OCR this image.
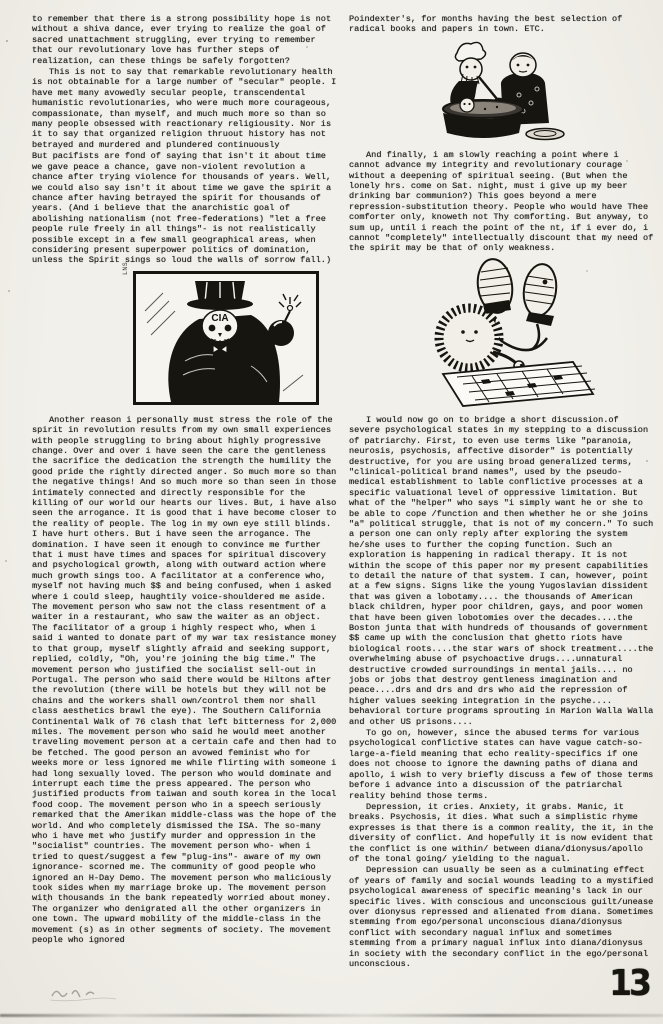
to remember that there is a strong possibility hope is not without a shiva dance, ever trying to realize the goal of sacred unattachment struggling, ever trying to remember that our revolutionary love has further steps of realization, can these things be safely forgotten?

This is not to say that remarkable revolutionary health is not obtainable for a large number of "secular" people. I have met many avowedly secular people, transcendental humanistic revolutionaries, who were much more courageous, compassionate, than myself, and much much more so than so many people obsessed with reactionary religiousity. Nor is it to say that organized religion thruout history has not betrayed and murdered and plundered continuously

But pacifists are fond of saying that isn't it about time we gave peace a chance, gave non-violent revolution a chance after trying violence for thousands of years. Well, we could also say isn't it about time we gave the spirit a chance after having betrayed the spirit for thousands of years. (And i believe that the anarchistic goal of abolishing nationalism (not free-federations) "let a free people rule freely in all things"- is not realistically possible except in a few small geographical areas, when considering present superpower politics of domination, unless the Spirit sings so loud the walls of sorrow fall.)

LNS
CIA

Another reason i personally must stress the role of the spirit in revolution results from my own small experiences with people struggling to bring about highly progressive change. Over and over i have seen the care the gentleness the sacrifice the dedication the strength the humility the good pride the rightly directed anger. So much more so than the negative things! And so much more so than seen in those intimately connected and directly responsible for the killing of our world our hearts our lives. But, i have also seen the arrogance. It is good that i have become closer to the reality of people. The log in my own eye still blinds. I have hurt others. But i have seen the arrogance. The domination. I have seen it enough to convince me further that i must have times and spaces for spiritual discovery and psychological growth, along with outward action where much growth sings too. A facilitator at a conference who, myself not having much $$ and being confused, when i asked where i could sleep, haughtily voice-shouldered me aside. The movement person who saw not the class resentment of a waiter in a restaurant, who saw the waiter as an object. The facilitator of a group i highly respect who, when i said i wanted to donate part of my war tax resistance money to that group, myself slightly afraid and seeking support, replied, coldly, "Oh, you're joining the big time." The movement person who justified the socialist sell-out in Portugal. The person who said there would be Hiltons after the revolution (there will be hotels but they will not be chains and the workers shall own/control them nor shall class aesthetics brawl the eye). The Southern California Continental Walk of 76 clash that left bitterness for 2,000 miles. The movement person who said he would meet another traveling movement person at a certain cafe and then had to be fetched. The good person an avowed feminist who for weeks more or less ignored me while flirting with someone i had long sexually loved. The person who would dominate and interrupt each time the press appeared. The person who justified products from taiwan and south korea in the local food coop. The movement person who in a speech seriously remarked that the Amerikan middle-class was the hope of the world. And who completely dismissed the ISA. The so-many who i have met who justify murder and oppression in the "socialist" countries. The movement person who- when i tried to quest/suggest a few "plug-ins"- aware of my own ignorance- scorned me. The community of good people who ignored an H-Day Demo. The movement person who maliciously took sides when my marriage broke up. The movement person with thousands in the bank repeatedly worried about money. The organizer who denigrated all the other organizers in one town. The upward mobility of the middle-class in the movement (s) as in other segments of society. The movement people who ignored

Poindexter's, for months having the best selection of radical books and papers in town. ETC.

And finally, i am slowly reaching a point where i cannot advance my integrity and revolutionary courage without a deepening of spiritual seeing. (But when the lonely hrs. come on Sat. night, must i give up my beer drinking bar communion?) This goes beyond a mere repression-substitution theory. People who would have Thee comforter only, knoweth not Thy comforting. But anyway, to sum up, until i reach the point of the nt, if i ever do, i cannot "completely" intellectually discount that my need of the spirit may be that of only weakness.

I would now go on to bridge a short discussion.of severe psychological states in my stepping to a discussion of patriarchy. First, to even use terms like "paranoia, neurosis, psychosis, affective disorder" is potentially destructive, for you are using broad generalized terms, "clinical-political brand names", used by the pseudo-medical establishment to lable conflictive processes at a specific valuational level of oppressive limitation. But what of the "helper" who says "i simply want he or she to be able to cope /function and then whether he or she joins "a" political struggle, that is not of my concern." To such a person one can only reply after exploring the system he/she uses to further the coping function. Such an exploration is happening in radical therapy. It is not within the scope of this paper nor my present capabilities to detail the nature of that system. I can, however, point at a few signs. Signs like the young Yugoslavian dissident that was given a lobotamy.... the thousands of American black children, hyper poor children, gays, and poor women that have been given lobotomies over the decades....the Boston junta that with hundreds of thousands of government $$ came up with the conclusion that ghetto riots have biological roots....the star wars of shock treatment....the overwhelming abuse of psychoactive drugs....unnatural destructive crowded surroundings in mental jails.... no jobs or jobs that destroy gentleness imagination and peace....drs and drs and drs who aid the repression of higher values seeking integration in the psyche.... behavioral torture programs sprouting in Marion Walla Walla and other US prisons....

To go on, however, since the abused terms for various psychological conflictive states can have vague catch-so-large-a-field meaning that echo reality-specifics if one does not choose to ignore the dawning paths of diana and apollo, i wish to very briefly discuss a few of those terms before i advance into a discussion of the patriarchal reality behind those terms.

Depression, it cries. Anxiety, it grabs. Manic, it breaks. Psychosis, it dies. What such a simplistic rhyme expresses is that there is a common reality, the it, in the diversity of conflict. And hopefully it is now evident that the conflict is one within/ between diana/dionysus/apollo of the tonal going/ yielding to the nagual.

Depression can usually be seen as a culminating effect of years of family and social wounds leading to a mystified psychological awareness of specific meaning's lack in our specific lives. With conscious and unconscious guilt/unease over dionysus repressed and alienated from diana. Sometimes stemming from ego/personal unconscious diana/dionysus conflict with secondary nagual influx and sometimes stemming from a primary nagual influx into diana/dionysus in society with the secondary conflict in the ego/personal unconscious.	13
